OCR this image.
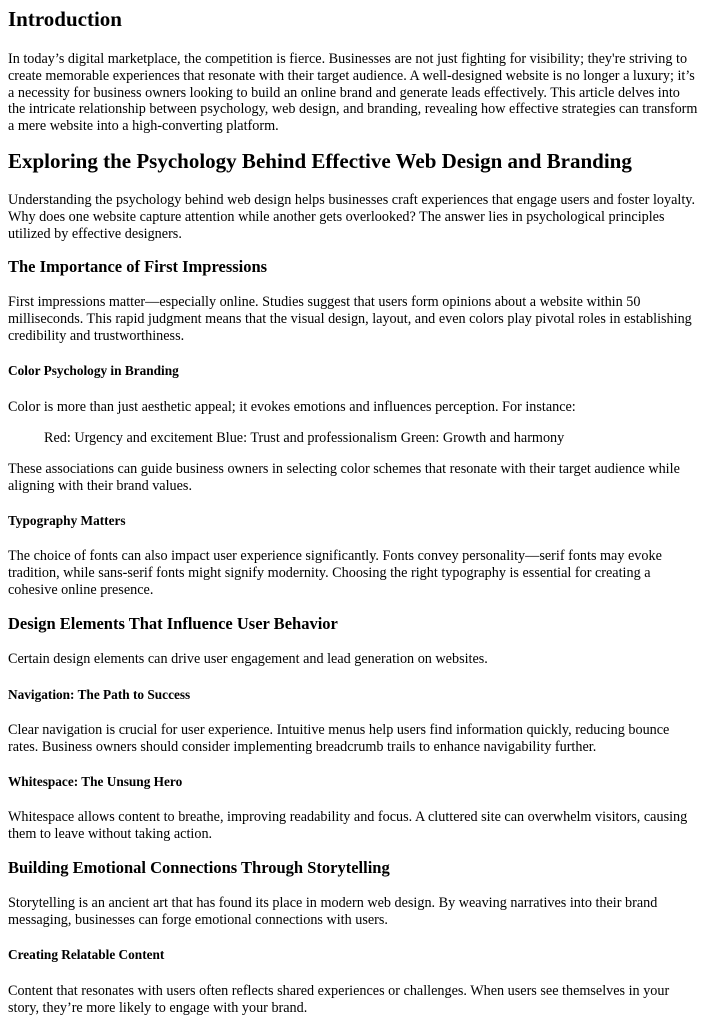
Introduction

In today’s digital marketplace, the competition is fierce. Businesses are not just fighting for visibility; they're striving to

create memorable experiences that resonate with their target audience. A well-designed website is no longer a luxury; it’s

a necessity for business owners looking to build an online brand and generate leads effectively. This article delves into

the intricate relationship between psychology, web design, and branding, revealing how effective strategies can transform

a mere website into a high-converting platform.

Exploring the Psychology Behind Effective Web Design and Branding

Understanding the psychology behind web design helps businesses craft experiences that engage users and foster loyalty.

Why does one website capture attention while another gets overlooked? The answer lies in psychological principles

utilized by effective designers.

The Importance of First Impressions

First impressions matter—especially online. Studies suggest that users form opinions about a website within 50

milliseconds. This rapid judgment means that the visual design, layout, and even colors play pivotal roles in establishing

credibility and trustworthiness.

Color Psychology in Branding

Color is more than just aesthetic appeal; it evokes emotions and influences perception. For instance:

Red: Urgency and excitement Blue: Trust and professionalism Green: Growth and harmony

These associations can guide business owners in selecting color schemes that resonate with their target audience while

aligning with their brand values.

Typography Matters

The choice of fonts can also impact user experience significantly. Fonts convey personality—serif fonts may evoke

tradition, while sans-serif fonts might signify modernity. Choosing the right typography is essential for creating a

cohesive online presence.

Design Elements That Influence User Behavior

Certain design elements can drive user engagement and lead generation on websites.

Navigation: The Path to Success

Clear navigation is crucial for user experience. Intuitive menus help users find information quickly, reducing bounce

rates. Business owners should consider implementing breadcrumb trails to enhance navigability further.

Whitespace: The Unsung Hero

Whitespace allows content to breathe, improving readability and focus. A cluttered site can overwhelm visitors, causing

them to leave without taking action.

Building Emotional Connections Through Storytelling

Storytelling is an ancient art that has found its place in modern web design. By weaving narratives into their brand

messaging, businesses can forge emotional connections with users.

Creating Relatable Content

Content that resonates with users often reflects shared experiences or challenges. When users see themselves in your

story, they’re more likely to engage with your brand.
